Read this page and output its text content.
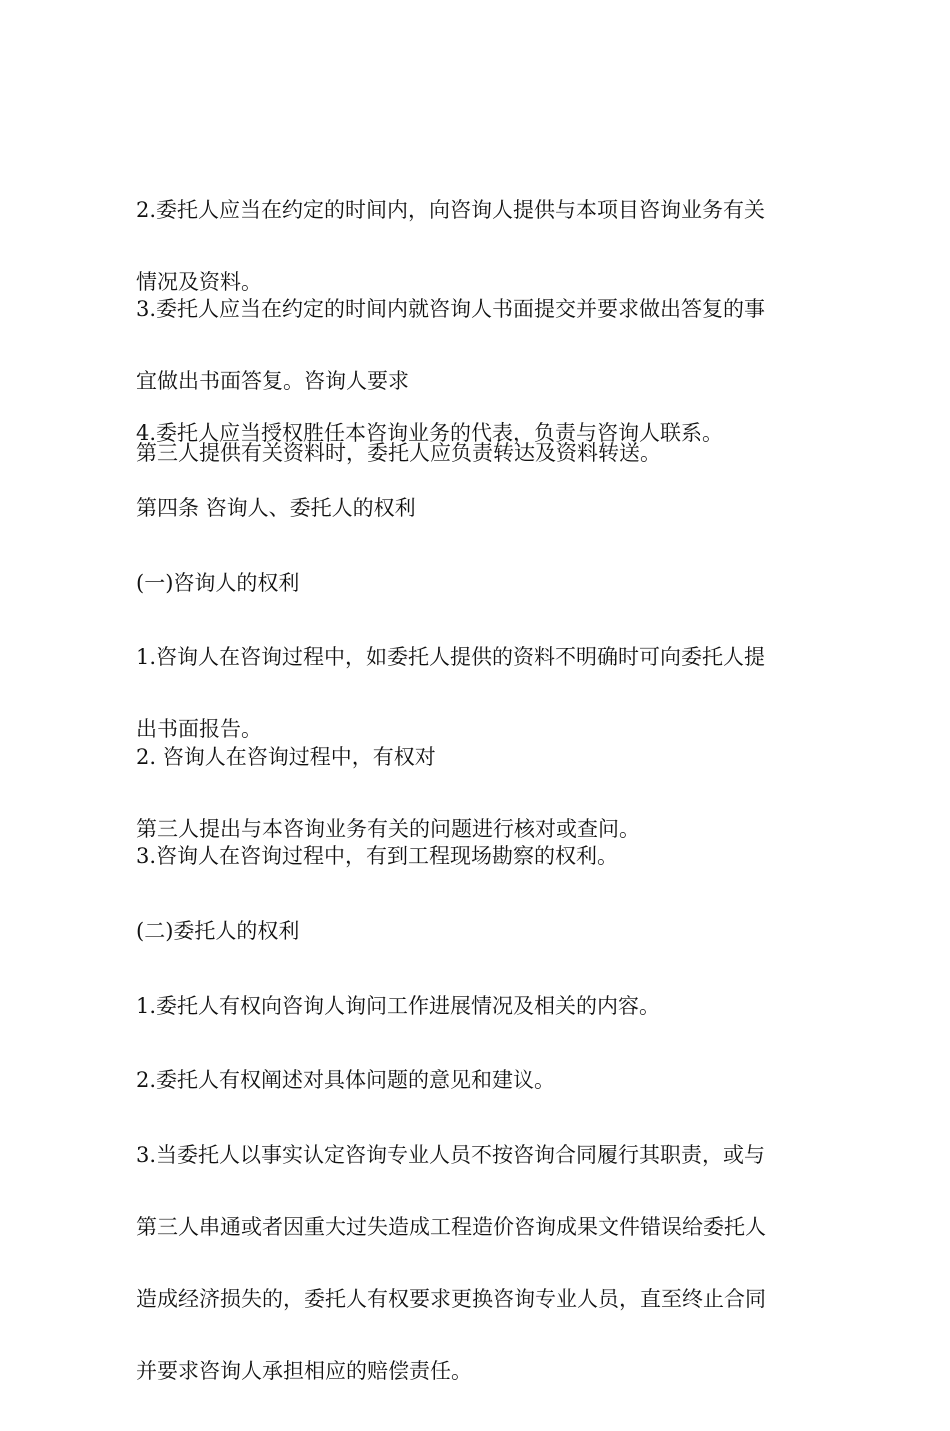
2.委托人应当在约定的时间内，向咨询人提供与本项目咨询业务有关

情况及资料。

3.委托人应当在约定的时间内就咨询人书面提交并要求做出答复的事

宜做出书面答复。咨询人要求

第三人提供有关资料时，委托人应负责转达及资料转送。

4.委托人应当授权胜任本咨询业务的代表，负责与咨询人联系。

第四条 咨询人、委托人的权利

(一)咨询人的权利

1.咨询人在咨询过程中，如委托人提供的资料不明确时可向委托人提

出书面报告。

2. 咨询人在咨询过程中，有权对

第三人提出与本咨询业务有关的问题进行核对或查问。

3.咨询人在咨询过程中，有到工程现场勘察的权利。

(二)委托人的权利

1.委托人有权向咨询人询问工作进展情况及相关的内容。

2.委托人有权阐述对具体问题的意见和建议。

3.当委托人以事实认定咨询专业人员不按咨询合同履行其职责，或与

第三人串通或者因重大过失造成工程造价咨询成果文件错误给委托人

造成经济损失的，委托人有权要求更换咨询专业人员，直至终止合同

并要求咨询人承担相应的赔偿责任。
